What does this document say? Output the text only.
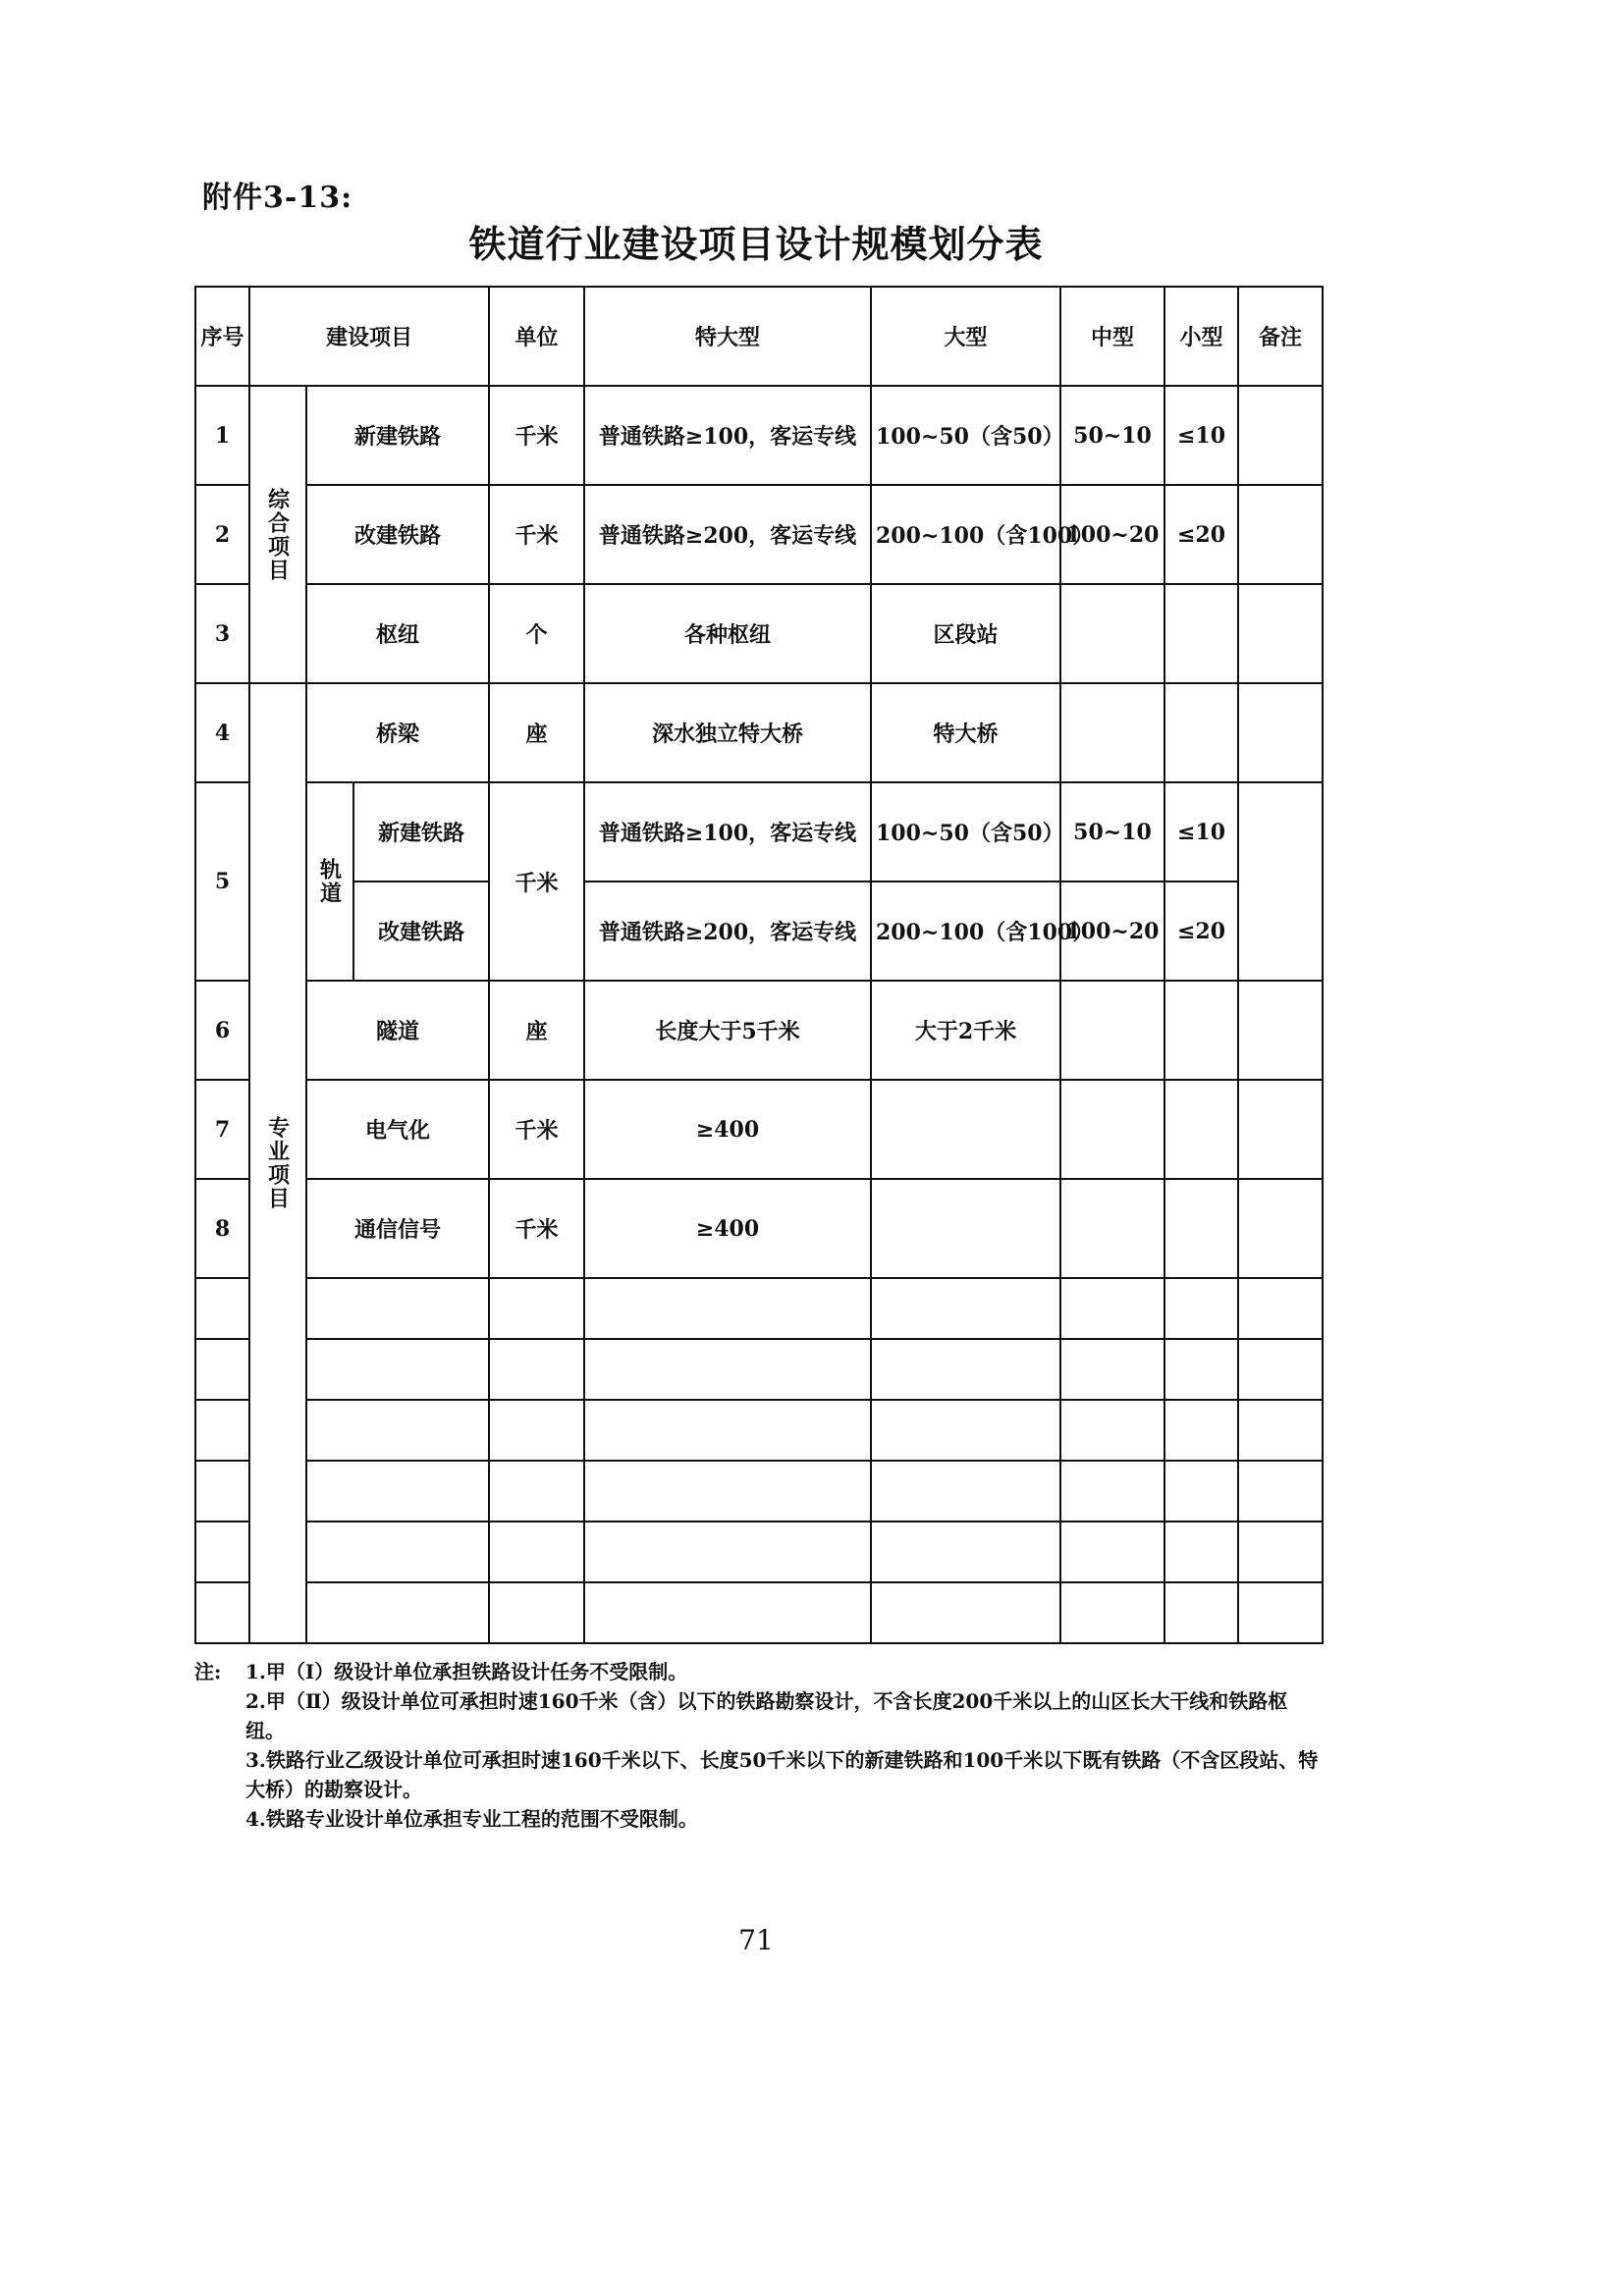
附件3-13:
铁道行业建设项目设计规模划分表
序号	建设项目			单位	特大型	大型	中型	小型	备注
1	综合项目	新建铁路		千米	普通铁路≥100，客运专线	100~50（含50）	50~10	≤10	
2		改建铁路		千米	普通铁路≥200，客运专线	200~100（含100）	100~20	≤20	
3		枢纽		个	各种枢纽	区段站			
4	专业项目	桥梁		座	深水独立特大桥	特大桥			
5		轨道	新建铁路	千米	普通铁路≥100，客运专线	100~50（含50）	50~10	≤10	
			改建铁路		普通铁路≥200，客运专线	200~100（含100）	100~20	≤20	
6		隧道		座	长度大于5千米	大于2千米			
7		电气化		千米	≥400				
8		通信信号		千米	≥400				

注:	1.甲（Ⅰ）级设计单位承担铁路设计任务不受限制。
2.甲（Ⅱ）级设计单位可承担时速160千米（含）以下的铁路勘察设计，不含长度200千米以上的山区长大干线和铁路枢纽。
3.铁路行业乙级设计单位可承担时速160千米以下、长度50千米以下的新建铁路和100千米以下既有铁路（不含区段站、特大桥）的勘察设计。
4.铁路专业设计单位承担专业工程的范围不受限制。
71
